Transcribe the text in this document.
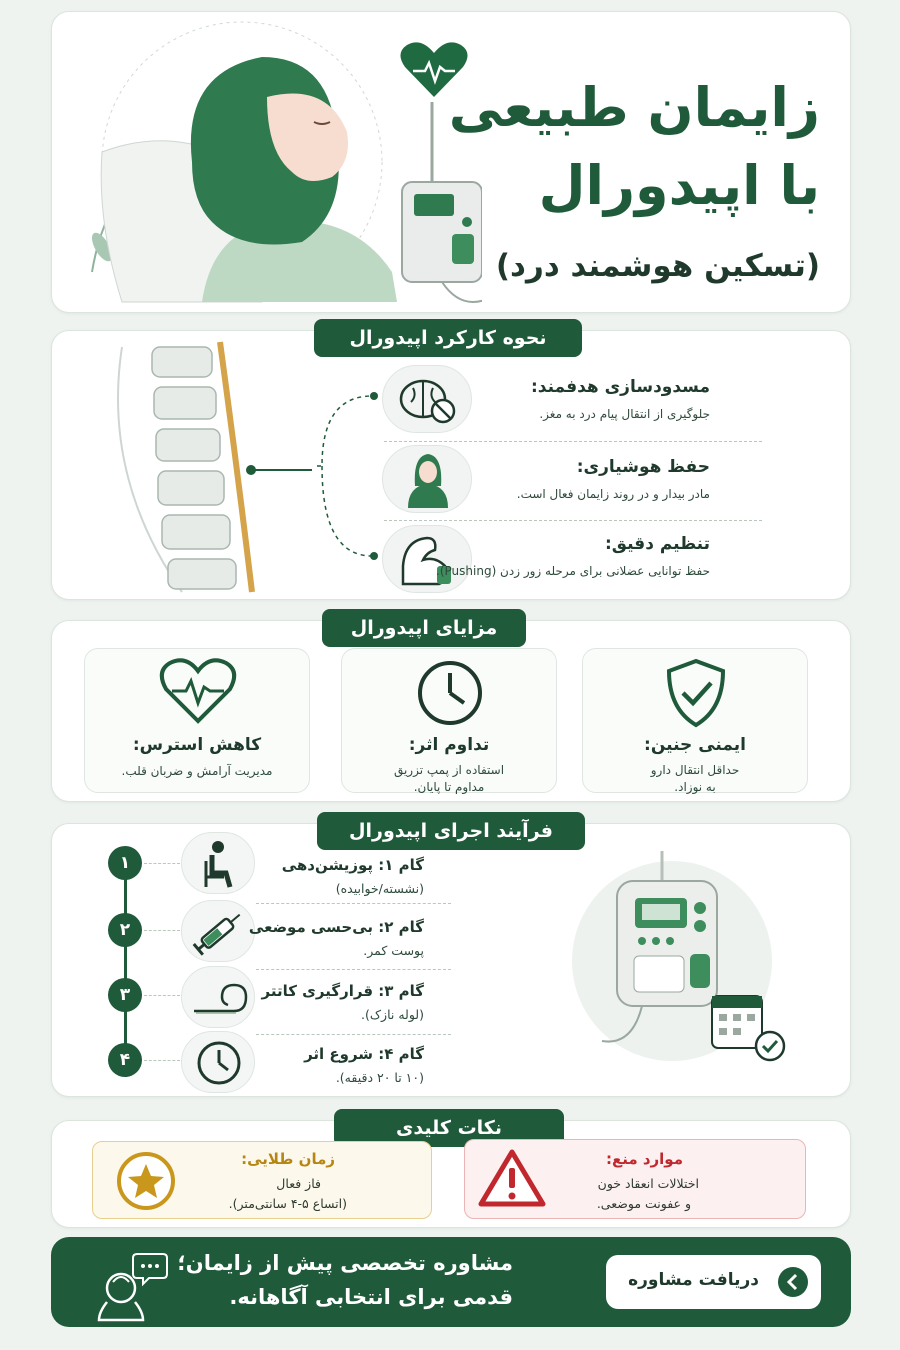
زایمان طبیعی
با اپیدورال
(تسکین هوشمند درد)
نحوه کارکرد اپیدورال
مسدودسازی هدفمند:
جلوگیری از انتقال پیام درد به مغز.
حفظ هوشیاری:
مادر بیدار و در روند زایمان فعال است.
تنظیم دقیق:
حفظ توانایی عضلانی برای مرحله زور زدن (Pushing).
مزایای اپیدورال
ایمنی جنین:
حداقل انتقال دارو
به نوزاد.
تداوم اثر:
استفاده از پمپ تزریق
مداوم تا پایان.
کاهش استرس:
مدیریت آرامش و ضربان قلب.
فرآیند اجرای اپیدورال
۱	گام ۱: پوزیشن‌دهی
(نشسته/خوابیده)
۲	گام ۲: بی‌حسی موضعی
پوست کمر.
۳	گام ۳: قرارگیری کاتتر
(لوله نازک).
۴	گام ۴: شروع اثر
(۱۰ تا ۲۰ دقیقه).
نکات کلیدی
زمان طلایی:
فاز فعال
(اتساع ۵-۴ سانتی‌متر).
موارد منع:
اختلالات انعقاد خون
و عفونت موضعی.
مشاوره تخصصی پیش از زایمان؛
قدمی برای انتخابی آگاهانه.
دریافت مشاوره
